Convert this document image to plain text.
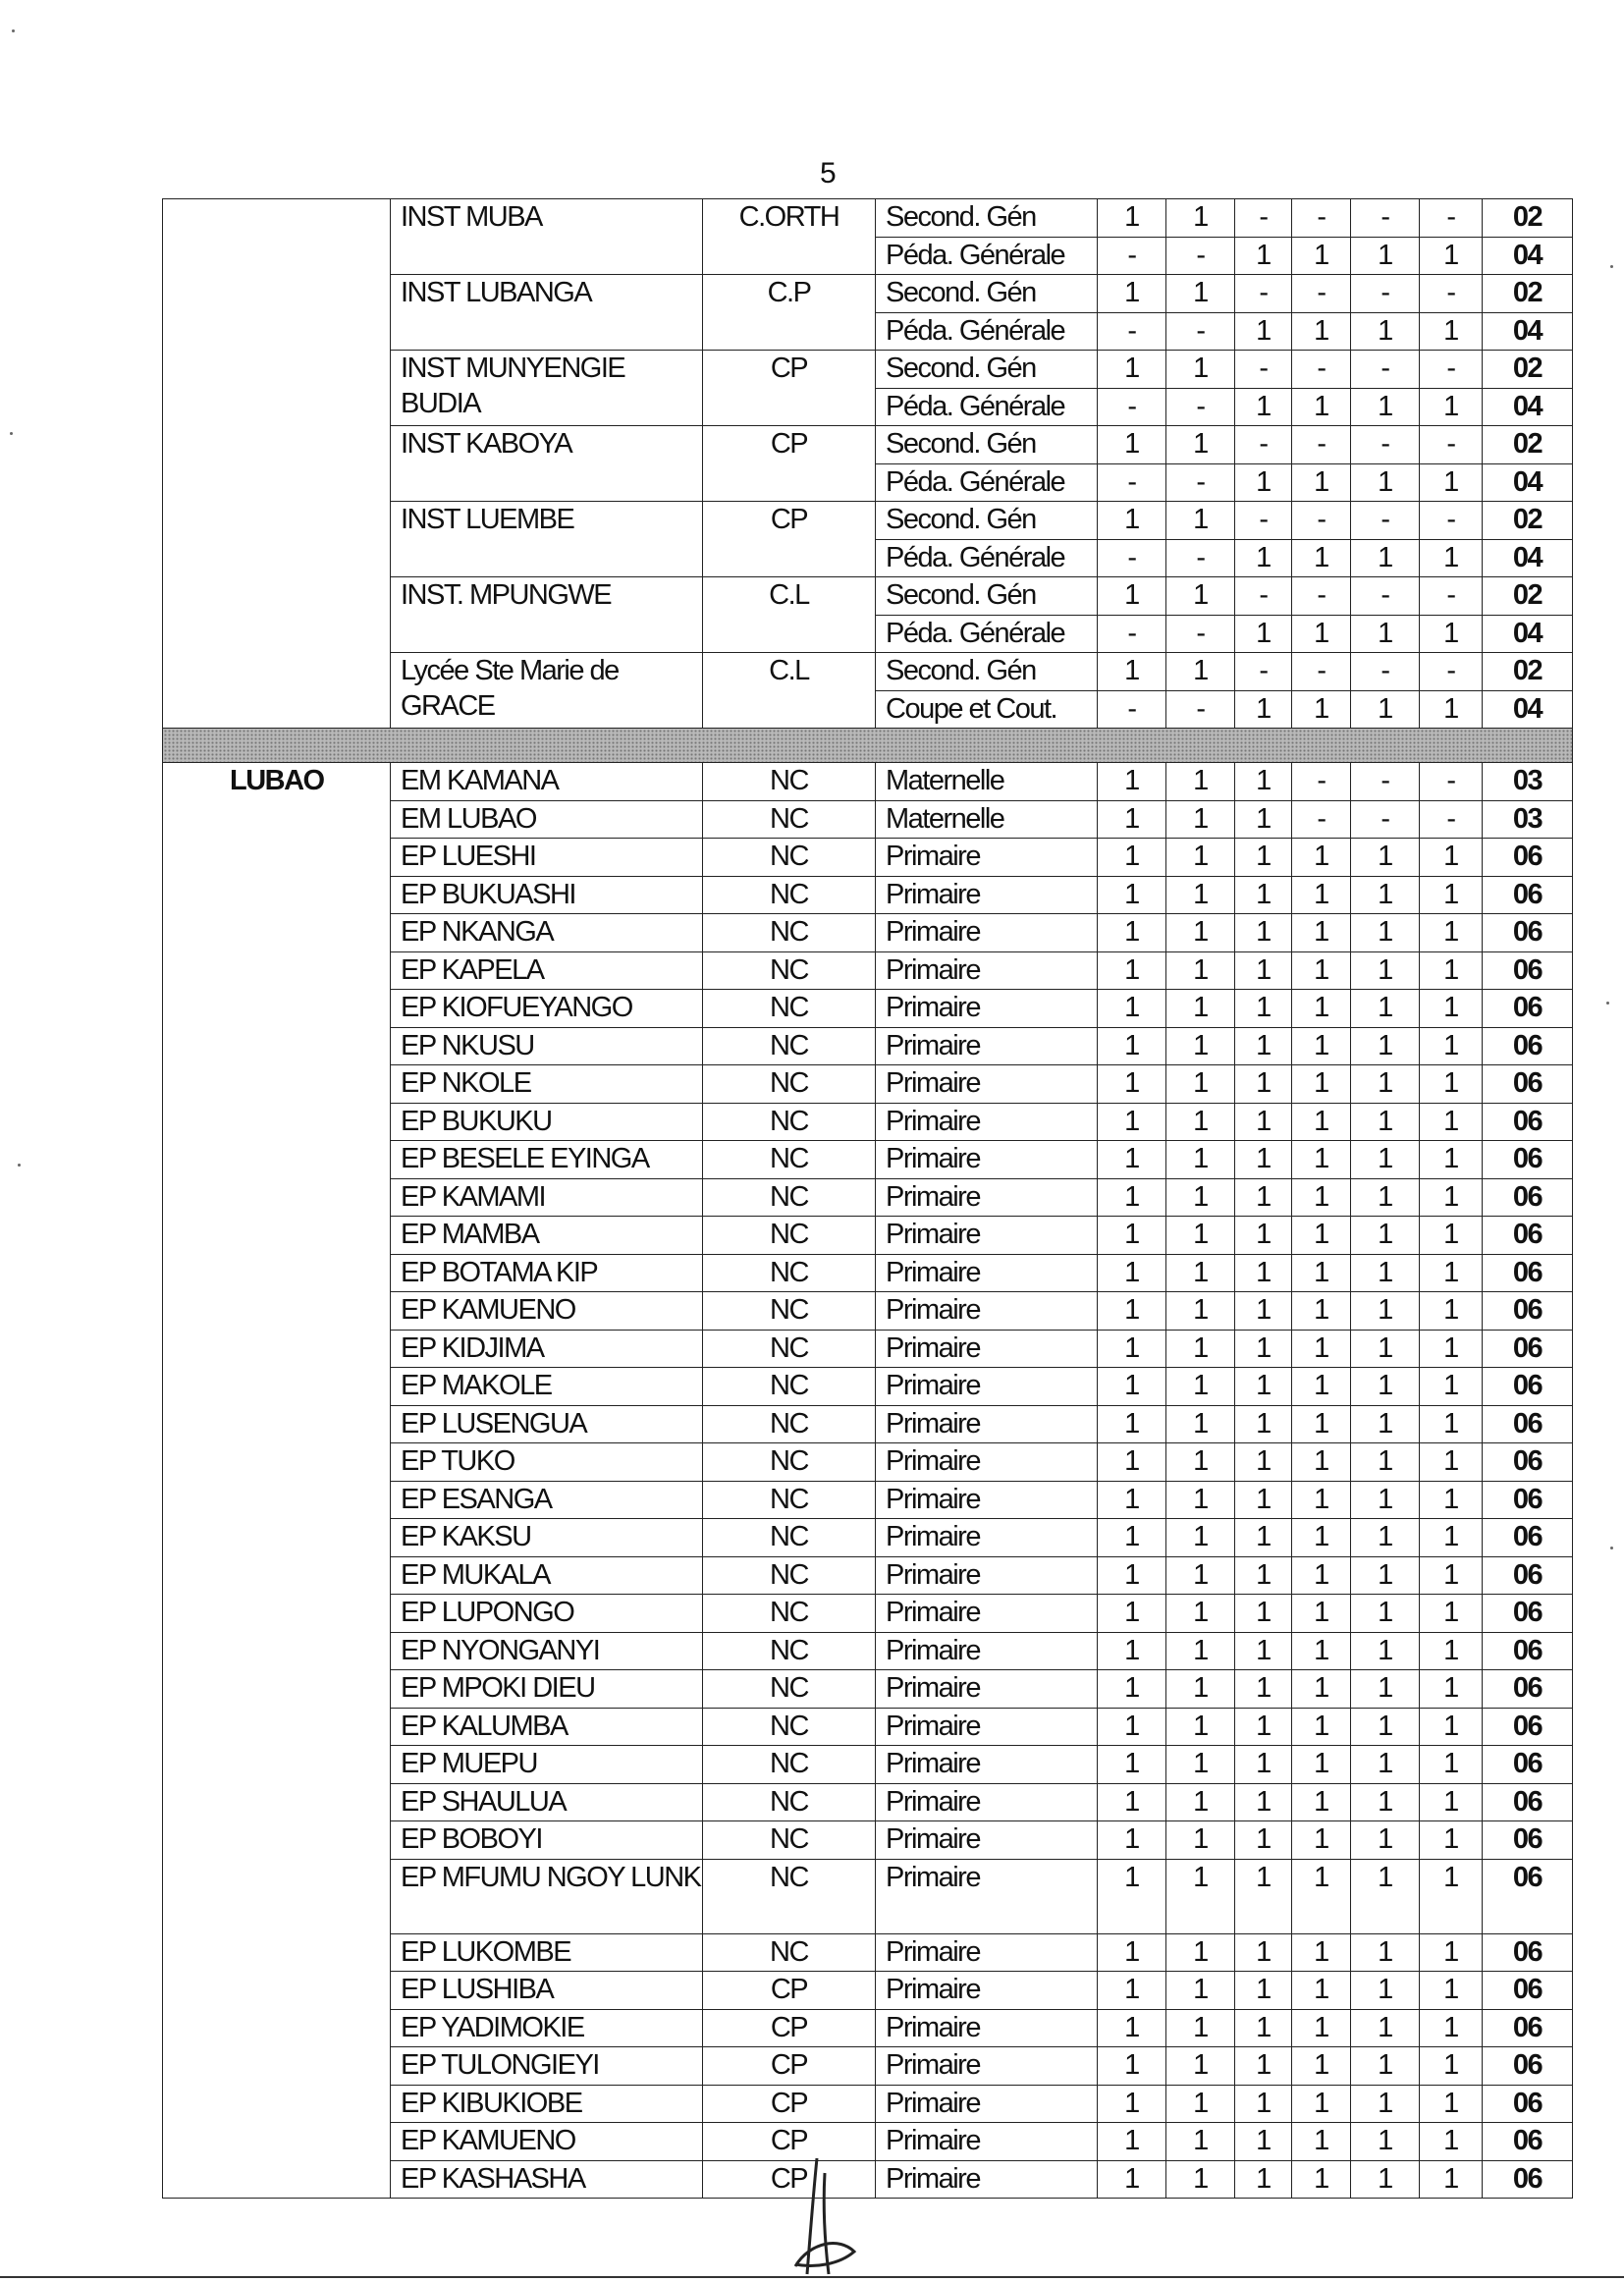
5
	INST MUBA	C.ORTH	Second. Gén	1	1	-	-	-	-	02
			Péda. Générale	-	-	1	1	1	1	04
	INST LUBANGA	C.P	Second. Gén	1	1	-	-	-	-	02
			Péda. Générale	-	-	1	1	1	1	04
	INST MUNYENGIE BUDIA	CP	Second. Gén	1	1	-	-	-	-	02
			Péda. Générale	-	-	1	1	1	1	04
	INST KABOYA	CP	Second. Gén	1	1	-	-	-	-	02
			Péda. Générale	-	-	1	1	1	1	04
	INST LUEMBE	CP	Second. Gén	1	1	-	-	-	-	02
			Péda. Générale	-	-	1	1	1	1	04
	INST. MPUNGWE	C.L	Second. Gén	1	1	-	-	-	-	02
			Péda. Générale	-	-	1	1	1	1	04
	Lycée Ste Marie de GRACE	C.L	Second. Gén	1	1	-	-	-	-	02
			Coupe et Cout.	-	-	1	1	1	1	04

LUBAO	EM KAMANA	NC	Maternelle	1	1	1	-	-	-	03
	EM LUBAO	NC	Maternelle	1	1	1	-	-	-	03
	EP LUESHI	NC	Primaire	1	1	1	1	1	1	06
	EP BUKUASHI	NC	Primaire	1	1	1	1	1	1	06
	EP NKANGA	NC	Primaire	1	1	1	1	1	1	06
	EP KAPELA	NC	Primaire	1	1	1	1	1	1	06
	EP KIOFUEYANGO	NC	Primaire	1	1	1	1	1	1	06
	EP NKUSU	NC	Primaire	1	1	1	1	1	1	06
	EP NKOLE	NC	Primaire	1	1	1	1	1	1	06
	EP BUKUKU	NC	Primaire	1	1	1	1	1	1	06
	EP BESELE EYINGA	NC	Primaire	1	1	1	1	1	1	06
	EP KAMAMI	NC	Primaire	1	1	1	1	1	1	06
	EP MAMBA	NC	Primaire	1	1	1	1	1	1	06
	EP BOTAMA KIP	NC	Primaire	1	1	1	1	1	1	06
	EP KAMUENO	NC	Primaire	1	1	1	1	1	1	06
	EP KIDJIMA	NC	Primaire	1	1	1	1	1	1	06
	EP MAKOLE	NC	Primaire	1	1	1	1	1	1	06
	EP LUSENGUA	NC	Primaire	1	1	1	1	1	1	06
	EP TUKO	NC	Primaire	1	1	1	1	1	1	06
	EP ESANGA	NC	Primaire	1	1	1	1	1	1	06
	EP KAKSU	NC	Primaire	1	1	1	1	1	1	06
	EP MUKALA	NC	Primaire	1	1	1	1	1	1	06
	EP LUPONGO	NC	Primaire	1	1	1	1	1	1	06
	EP NYONGANYI	NC	Primaire	1	1	1	1	1	1	06
	EP MPOKI DIEU	NC	Primaire	1	1	1	1	1	1	06
	EP KALUMBA	NC	Primaire	1	1	1	1	1	1	06
	EP MUEPU	NC	Primaire	1	1	1	1	1	1	06
	EP SHAULUA	NC	Primaire	1	1	1	1	1	1	06
	EP BOBOYI	NC	Primaire	1	1	1	1	1	1	06
	EP MFUMU NGOY LUNK	NC	Primaire	1	1	1	1	1	1	06
	EP LUKOMBE	NC	Primaire	1	1	1	1	1	1	06
	EP LUSHIBA	CP	Primaire	1	1	1	1	1	1	06
	EP YADIMOKIE	CP	Primaire	1	1	1	1	1	1	06
	EP TULONGIEYI	CP	Primaire	1	1	1	1	1	1	06
	EP KIBUKIOBE	CP	Primaire	1	1	1	1	1	1	06
	EP KAMUENO	CP	Primaire	1	1	1	1	1	1	06
	EP KASHASHA	CP	Primaire	1	1	1	1	1	1	06
